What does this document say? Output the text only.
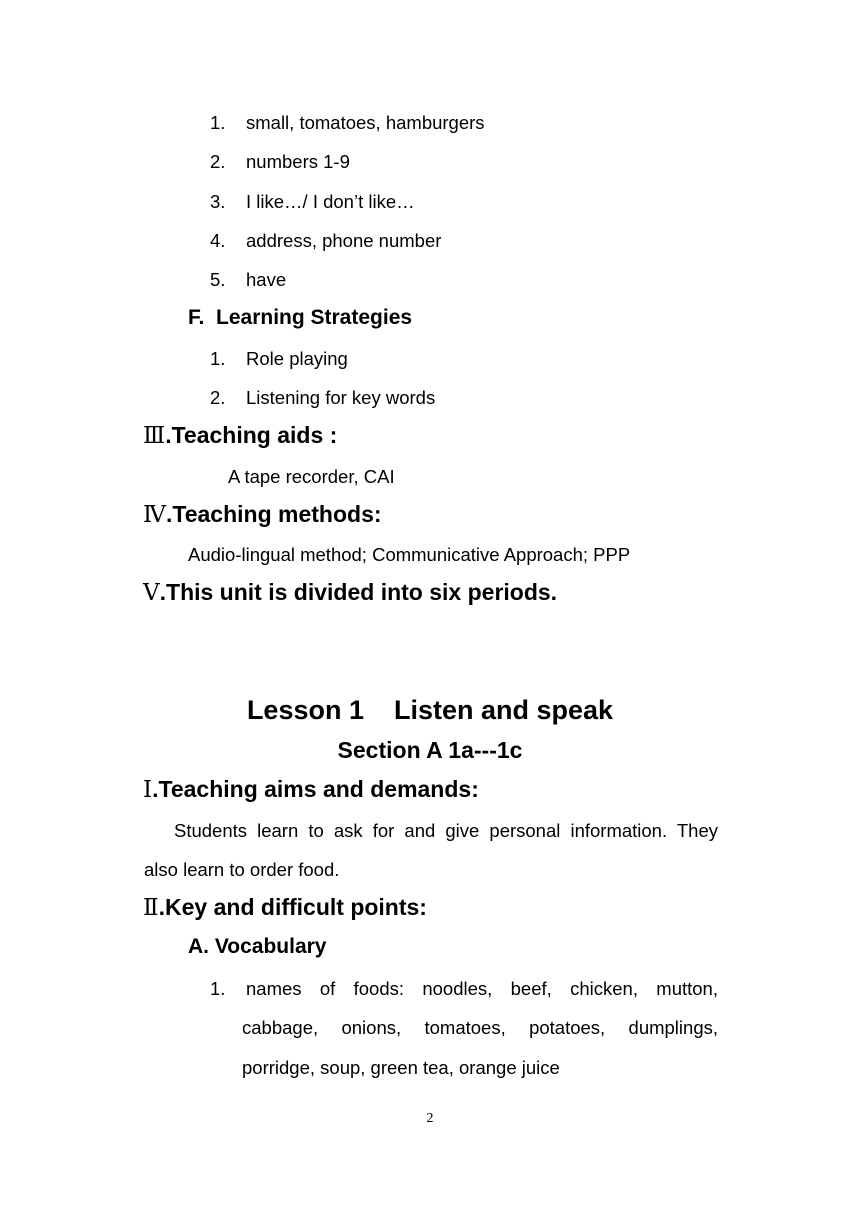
1. small, tomatoes, hamburgers
2. numbers 1-9
3. I like…/ I don’t like…
4. address, phone number
5. have
F.  Learning Strategies
1. Role playing
2. Listening for key words
Ⅲ.Teaching aids :
A tape recorder, CAI
Ⅳ.Teaching methods:
Audio-lingual method; Communicative Approach; PPP
Ⅴ.This unit is divided into six periods.
Lesson 1    Listen and speak
Section A 1a---1c
Ⅰ.Teaching aims and demands:
Students learn to ask for and give personal information. They
also learn to order food.
Ⅱ.Key and difficult points:
A. Vocabulary
1. names of foods: noodles, beef, chicken, mutton,
cabbage, onions, tomatoes, potatoes, dumplings,
porridge, soup, green tea, orange juice
2
